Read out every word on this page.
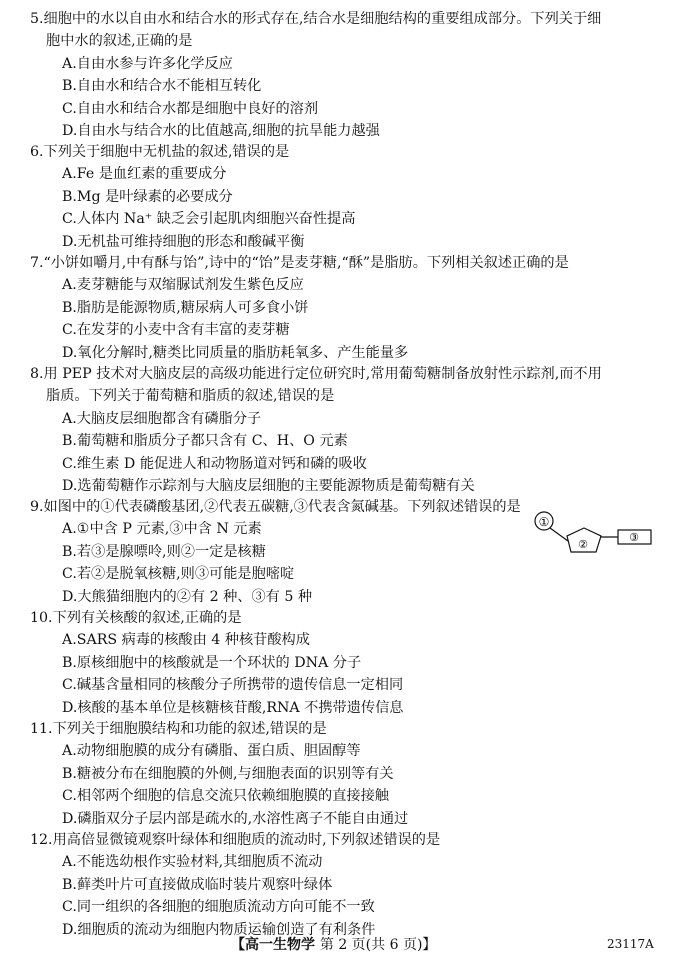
5.细胞中的水以自由水和结合水的形式存在,结合水是细胞结构的重要组成部分。下列关于细
胞中水的叙述,正确的是
A.自由水参与许多化学反应
B.自由水和结合水不能相互转化
C.自由水和结合水都是细胞中良好的溶剂
D.自由水与结合水的比值越高,细胞的抗旱能力越强
6.下列关于细胞中无机盐的叙述,错误的是
A.Fe 是血红素的重要成分
B.Mg 是叶绿素的必要成分
C.人体内 Na⁺ 缺乏会引起肌肉细胞兴奋性提高
D.无机盐可维持细胞的形态和酸碱平衡
7.“小饼如嚼月,中有酥与饴”,诗中的“饴”是麦芽糖,“酥”是脂肪。下列相关叙述正确的是
A.麦芽糖能与双缩脲试剂发生紫色反应
B.脂肪是能源物质,糖尿病人可多食小饼
C.在发芽的小麦中含有丰富的麦芽糖
D.氧化分解时,糖类比同质量的脂肪耗氧多、产生能量多
8.用 PEP 技术对大脑皮层的高级功能进行定位研究时,常用葡萄糖制备放射性示踪剂,而不用
脂质。下列关于葡萄糖和脂质的叙述,错误的是
A.大脑皮层细胞都含有磷脂分子
B.葡萄糖和脂质分子都只含有 C、H、O 元素
C.维生素 D 能促进人和动物肠道对钙和磷的吸收
D.选葡萄糖作示踪剂与大脑皮层细胞的主要能源物质是葡萄糖有关
9.如图中的①代表磷酸基团,②代表五碳糖,③代表含氮碱基。下列叙述错误的是
A.①中含 P 元素,③中含 N 元素
B.若③是腺嘌呤,则②一定是核糖
C.若②是脱氧核糖,则③可能是胞嘧啶
D.大熊猫细胞内的②有 2 种、③有 5 种
10.下列有关核酸的叙述,正确的是
A.SARS 病毒的核酸由 4 种核苷酸构成
B.原核细胞中的核酸就是一个环状的 DNA 分子
C.碱基含量相同的核酸分子所携带的遗传信息一定相同
D.核酸的基本单位是核糖核苷酸,RNA 不携带遗传信息
11.下列关于细胞膜结构和功能的叙述,错误的是
A.动物细胞膜的成分有磷脂、蛋白质、胆固醇等
B.糖被分布在细胞膜的外侧,与细胞表面的识别等有关
C.相邻两个细胞的信息交流只依赖细胞膜的直接接触
D.磷脂双分子层内部是疏水的,水溶性离子不能自由通过
12.用高倍显微镜观察叶绿体和细胞质的流动时,下列叙述错误的是
A.不能选幼根作实验材料,其细胞质不流动
B.藓类叶片可直接做成临时装片观察叶绿体
C.同一组织的各细胞的细胞质流动方向可能不一致
D.细胞质的流动为细胞内物质运输创造了有利条件
①
②
③
【高一生物学 第 2 页(共 6 页)】	23117A
